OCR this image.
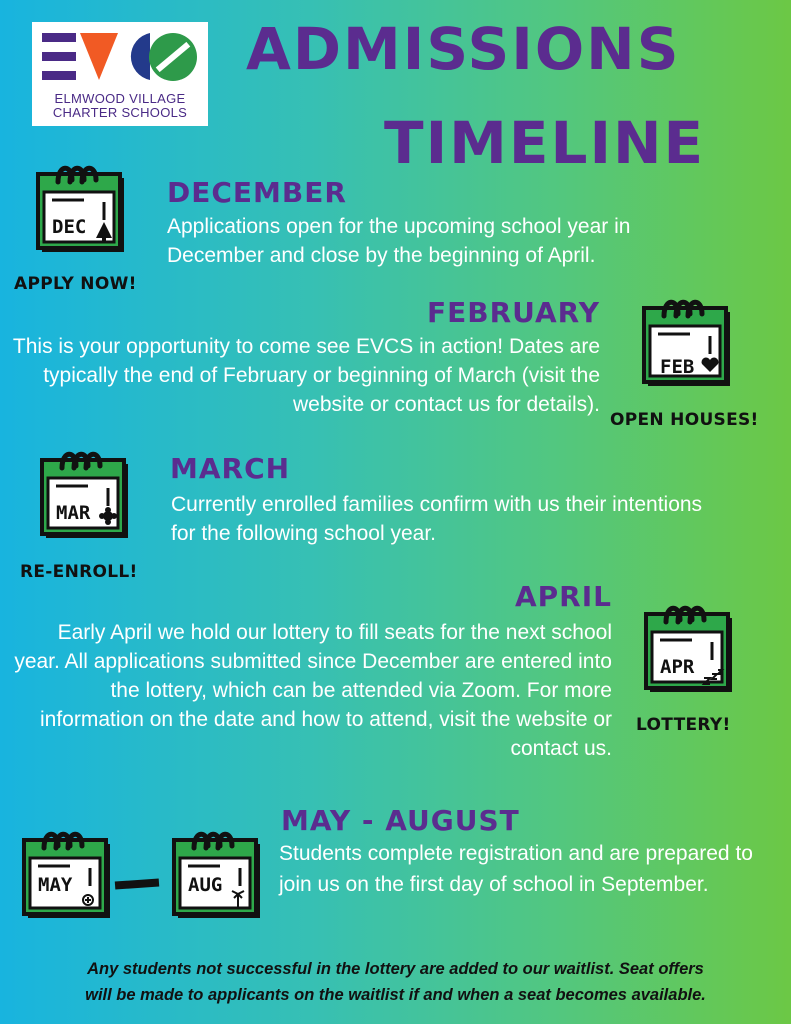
ELMWOOD VILLAGE
CHARTER SCHOOLS
ADMISSIONS
TIMELINE
DEC
APPLY NOW!
DECEMBER
Applications open for the upcoming school year in December and close by the beginning of April.
FEBRUARY
This is your opportunity to come see EVCS in action! Dates are typically the end of February or beginning of March (visit the website or contact us for details).
FEB
OPEN HOUSES!
MAR
RE-ENROLL!
MARCH
Currently enrolled families confirm with us their intentions for the following school year.
APRIL
Early April we hold our lottery to fill seats for the next school year. All applications submitted since December are entered into the lottery, which can be attended via Zoom. For more information on the date and how to attend, visit the website or contact us.
APR
LOTTERY!
MAY	AUG
MAY - AUGUST
Students complete registration and are prepared to join us on the first day of school in September.
Any students not successful in the lottery are added to our waitlist. Seat offers
will be made to applicants on the waitlist if and when a seat becomes available.
